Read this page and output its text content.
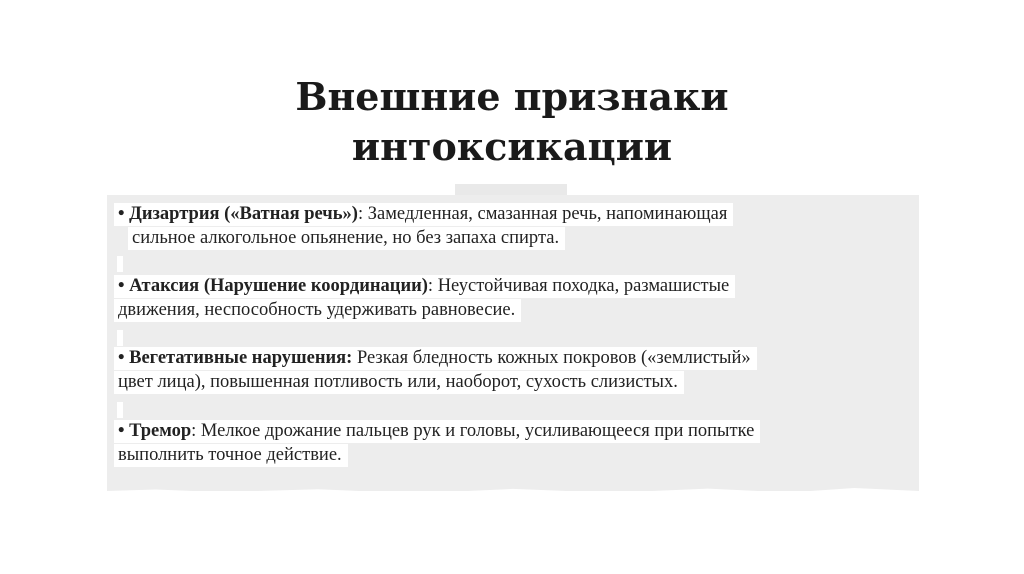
Внешние признаки
интоксикации
• Дизартрия («Ватная речь»): Замедленная, смазанная речь, напоминающая
сильное алкогольное опьянение, но без запаха спирта.
• Атаксия (Нарушение координации): Неустойчивая походка, размашистые
движения, неспособность удерживать равновесие.
• Вегетативные нарушения: Резкая бледность кожных покровов («землистый»
цвет лица), повышенная потливость или, наоборот, сухость слизистых.
• Тремор: Мелкое дрожание пальцев рук и головы, усиливающееся при попытке
выполнить точное действие.
